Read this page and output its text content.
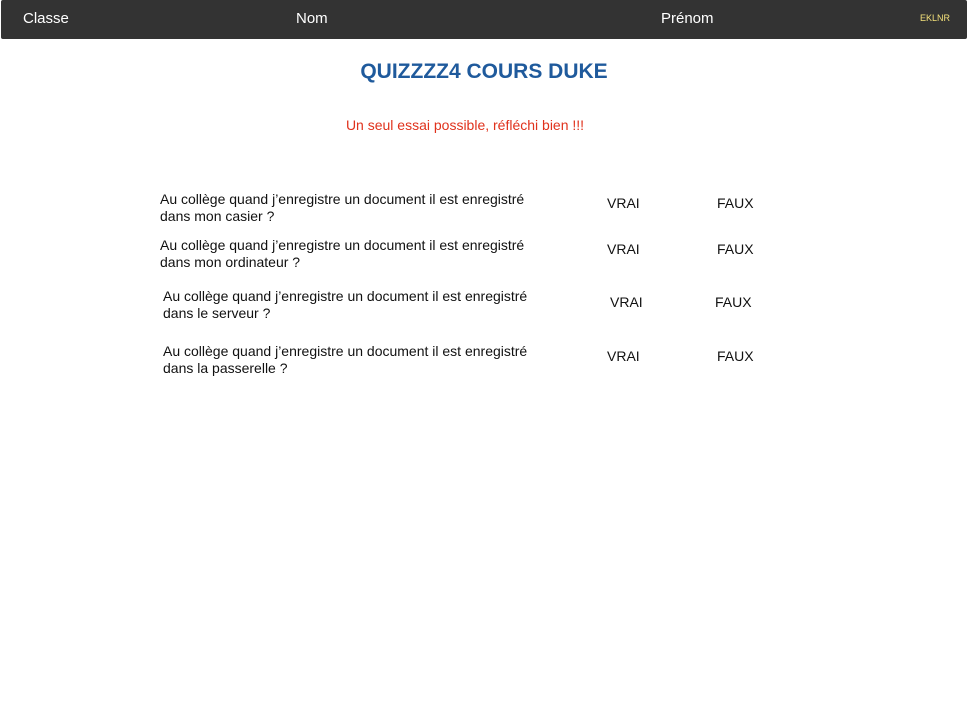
Classe	Nom	Prénom	EKLNR
QUIZZZZ4 COURS DUKE
Un seul essai possible, réfléchi bien !!!
Au collège quand j’enregistre un document il est enregistré
dans mon casier ?
VRAI	FAUX
Au collège quand j’enregistre un document il est enregistré
dans mon ordinateur ?
VRAI	FAUX
Au collège quand j’enregistre un document il est enregistré
dans le serveur ?
VRAI	FAUX
Au collège quand j’enregistre un document il est enregistré
dans la passerelle ?
VRAI	FAUX
